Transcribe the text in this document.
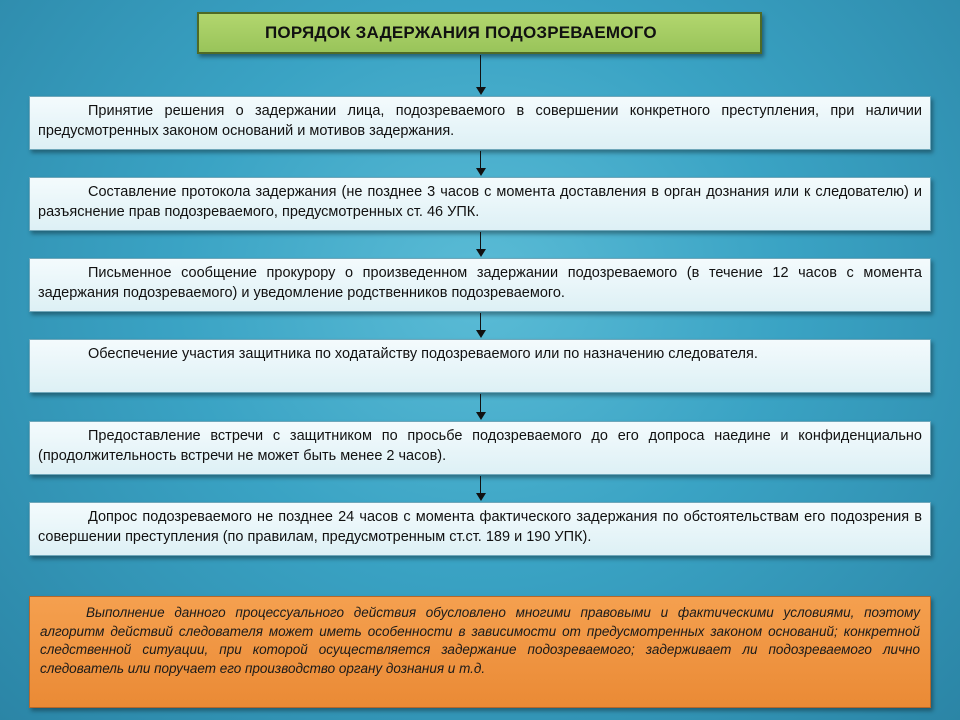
ПОРЯДОК ЗАДЕРЖАНИЯ ПОДОЗРЕВАЕМОГО
Принятие решения о задержании лица, подозреваемого в совершении конкретного преступления, при наличии предусмотренных законом оснований и мотивов задержания.
Составление протокола задержания (не позднее 3 часов с момента доставления в орган дознания или к следователю) и разъяснение прав подозреваемого, предусмотренных ст. 46 УПК.
Письменное сообщение прокурору о произведенном задержании подозреваемого (в течение 12 часов с момента задержания подозреваемого) и уведомление родственников подозреваемого.
Обеспечение участия защитника по ходатайству подозреваемого или по назначению следователя.
Предоставление встречи с защитником по просьбе подозреваемого до его допроса наедине и конфиденциально (продолжительность встречи не может быть менее 2 часов).
Допрос подозреваемого не позднее 24 часов с момента фактического задержания по обстоятельствам его подозрения в совершении преступления (по правилам, предусмотренным ст.ст. 189 и 190 УПК).
Выполнение данного процессуального действия обусловлено многими правовыми и фактическими условиями, поэтому алгоритм действий следователя может иметь особенности в зависимости от предусмотренных законом оснований; конкретной следственной ситуации, при которой осуществляется задержание подозреваемого; задерживает ли подозреваемого лично следователь или поручает его производство органу дознания и т.д.
